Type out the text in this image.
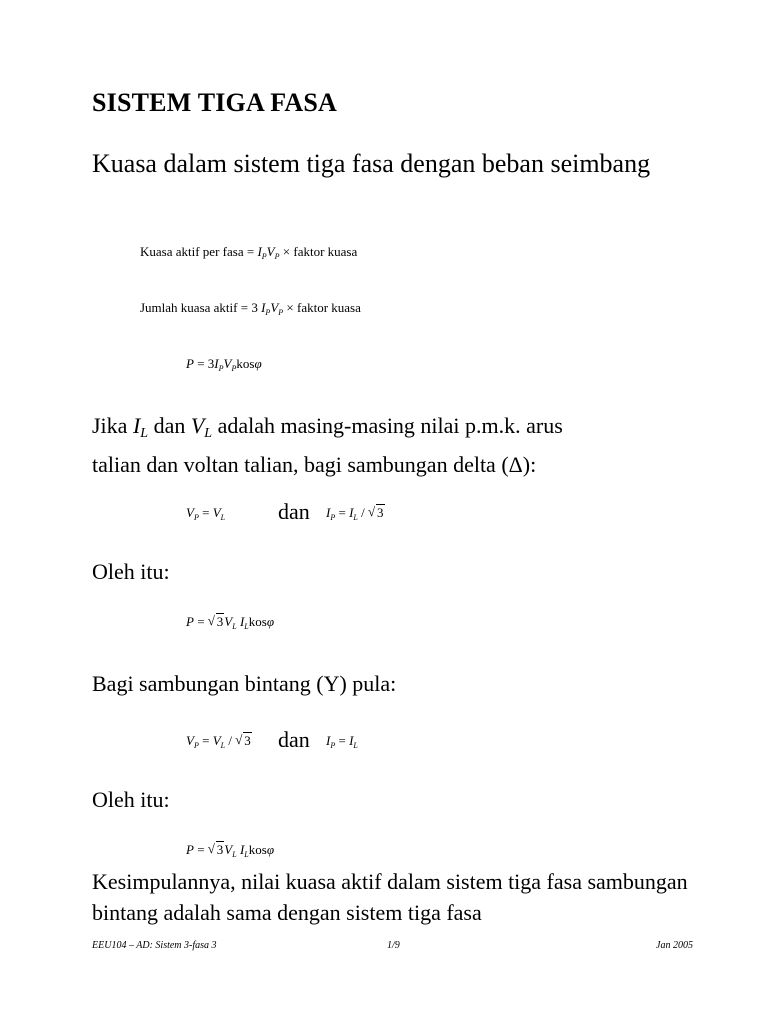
SISTEM TIGA FASA
Kuasa dalam sistem tiga fasa dengan beban seimbang
Kuasa aktif per fasa = $I_PV_P$ × faktor kuasa
Jumlah kuasa aktif = 3 $I_PV_P$ × faktor kuasa
$P = 3I_PV_Pkos\varphi$
Jika $I_L$ dan $V_L$ adalah masing-masing nilai p.m.k. arus
talian dan voltan talian, bagi sambungan delta (Δ):
$V_P = V_L$ dan $I_P = I_L$ / √ 3
Oleh itu:
P = √ $3V_L$ $I_Lkos\varphi$
Bagi sambungan bintang (Y) pula:
$V_P = V_L$ / √ 3 dan $I_P = I_L$
Oleh itu:
P = √ $3V_L$ $I_Lkos\varphi$
Kesimpulannya, nilai kuasa aktif dalam sistem tiga fasa sambungan bintang adalah sama dengan sistem tiga fasa
EEU104 – AD: Sistem 3-fasa 3	1/9	Jan 2005
